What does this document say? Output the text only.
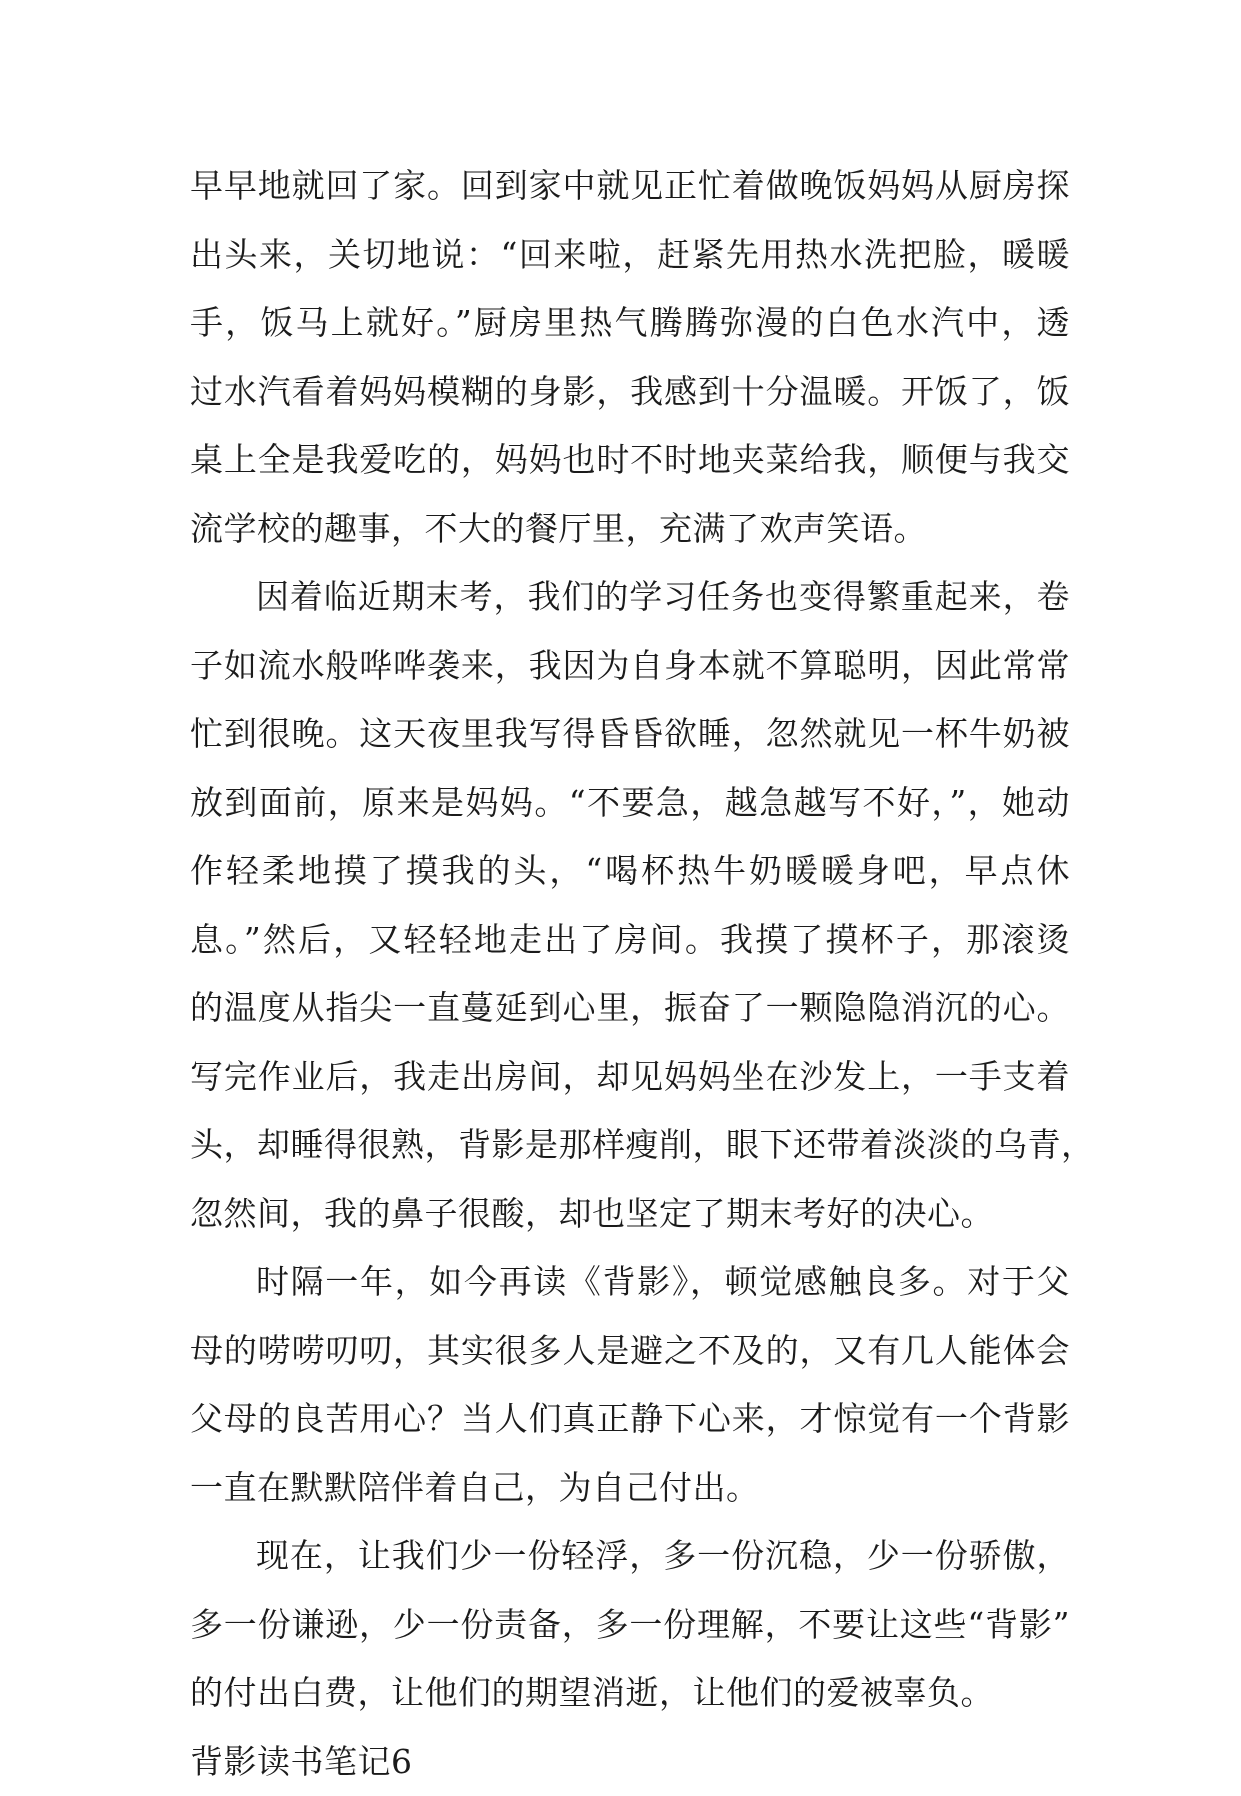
早早地就回了家。回到家中就见正忙着做晚饭妈妈从厨房探
出头来，关切地说：“回来啦，赶紧先用热水洗把脸，暖暖
手，饭马上就好。”厨房里热气腾腾弥漫的白色水汽中，透
过水汽看着妈妈模糊的身影，我感到十分温暖。开饭了，饭
桌上全是我爱吃的，妈妈也时不时地夹菜给我，顺便与我交
流学校的趣事，不大的餐厅里，充满了欢声笑语。
因着临近期末考，我们的学习任务也变得繁重起来，卷
子如流水般哗哗袭来，我因为自身本就不算聪明，因此常常
忙到很晚。这天夜里我写得昏昏欲睡，忽然就见一杯牛奶被
放到面前，原来是妈妈。“不要急，越急越写不好，”，她动
作轻柔地摸了摸我的头，“喝杯热牛奶暖暖身吧，早点休
息。”然后，又轻轻地走出了房间。我摸了摸杯子，那滚烫
的温度从指尖一直蔓延到心里，振奋了一颗隐隐消沉的心。
写完作业后，我走出房间，却见妈妈坐在沙发上，一手支着
头，却睡得很熟，背影是那样瘦削，眼下还带着淡淡的乌青，
忽然间，我的鼻子很酸，却也坚定了期末考好的决心。
时隔一年，如今再读《背影》，顿觉感触良多。对于父
母的唠唠叨叨，其实很多人是避之不及的，又有几人能体会
父母的良苦用心？当人们真正静下心来，才惊觉有一个背影
一直在默默陪伴着自己，为自己付出。
现在，让我们少一份轻浮，多一份沉稳，少一份骄傲，
多一份谦逊，少一份责备，多一份理解，不要让这些“背影”
的付出白费，让他们的期望消逝，让他们的爱被辜负。
背影读书笔记6
